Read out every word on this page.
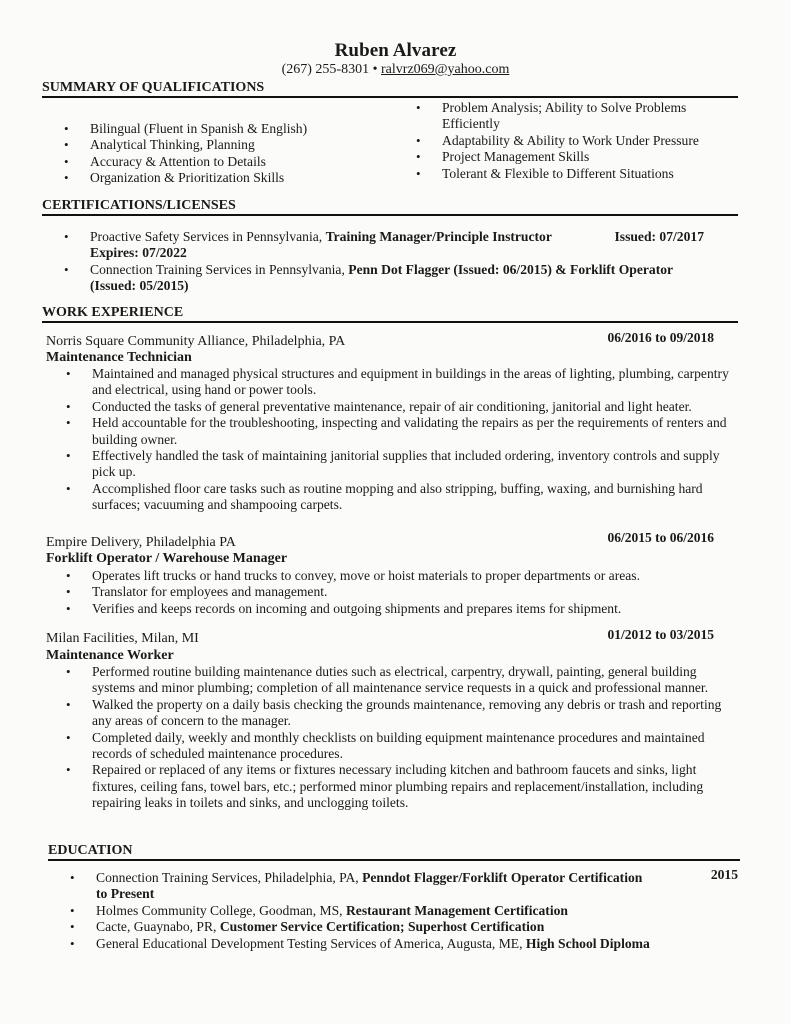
Ruben Alvarez
(267) 255-8301 • ralvrz069@yahoo.com
SUMMARY OF QUALIFICATIONS
• Bilingual (Fluent in Spanish & English)
• Analytical Thinking, Planning
• Accuracy & Attention to Details
• Organization & Prioritization Skills
• Problem Analysis; Ability to Solve Problems Efficiently
• Adaptability & Ability to Work Under Pressure
• Project Management Skills
• Tolerant & Flexible to Different Situations
CERTIFICATIONS/LICENSES
• Proactive Safety Services in Pennsylvania, Training Manager/Principle Instructor	Issued: 07/2017

Expires: 07/2022
• Connection Training Services in Pennsylvania, Penn Dot Flagger (Issued: 06/2015) & Forklift Operator (Issued: 05/2015)
WORK EXPERIENCE
Norris Square Community Alliance, Philadelphia, PA	06/2016 to 09/2018
Maintenance Technician
• Maintained and managed physical structures and equipment in buildings in the areas of lighting, plumbing, carpentry and electrical, using hand or power tools.
• Conducted the tasks of general preventative maintenance, repair of air conditioning, janitorial and light heater.
• Held accountable for the troubleshooting, inspecting and validating the repairs as per the requirements of renters and building owner.
• Effectively handled the task of maintaining janitorial supplies that included ordering, inventory controls and supply pick up.
• Accomplished floor care tasks such as routine mopping and also stripping, buffing, waxing, and burnishing hard surfaces; vacuuming and shampooing carpets.
Empire Delivery, Philadelphia PA	06/2015 to 06/2016
Forklift Operator / Warehouse Manager
• Operates lift trucks or hand trucks to convey, move or hoist materials to proper departments or areas.
• Translator for employees and management.
• Verifies and keeps records on incoming and outgoing shipments and prepares items for shipment.
Milan Facilities, Milan, MI	01/2012 to 03/2015
Maintenance Worker
• Performed routine building maintenance duties such as electrical, carpentry, drywall, painting, general building systems and minor plumbing; completion of all maintenance service requests in a quick and professional manner.
• Walked the property on a daily basis checking the grounds maintenance, removing any debris or trash and reporting any areas of concern to the manager.
• Completed daily, weekly and monthly checklists on building equipment maintenance procedures and maintained records of scheduled maintenance procedures.
• Repaired or replaced of any items or fixtures necessary including kitchen and bathroom faucets and sinks, light fixtures, ceiling fans, towel bars, etc.; performed minor plumbing repairs and replacement/installation, including repairing leaks in toilets and sinks, and unclogging toilets.
EDUCATION
• Connection Training Services, Philadelphia, PA, Penndot Flagger/Forklift Operator Certification	2015

to Present
• Holmes Community College, Goodman, MS, Restaurant Management Certification
• Cacte, Guaynabo, PR, Customer Service Certification; Superhost Certification
• General Educational Development Testing Services of America, Augusta, ME, High School Diploma
